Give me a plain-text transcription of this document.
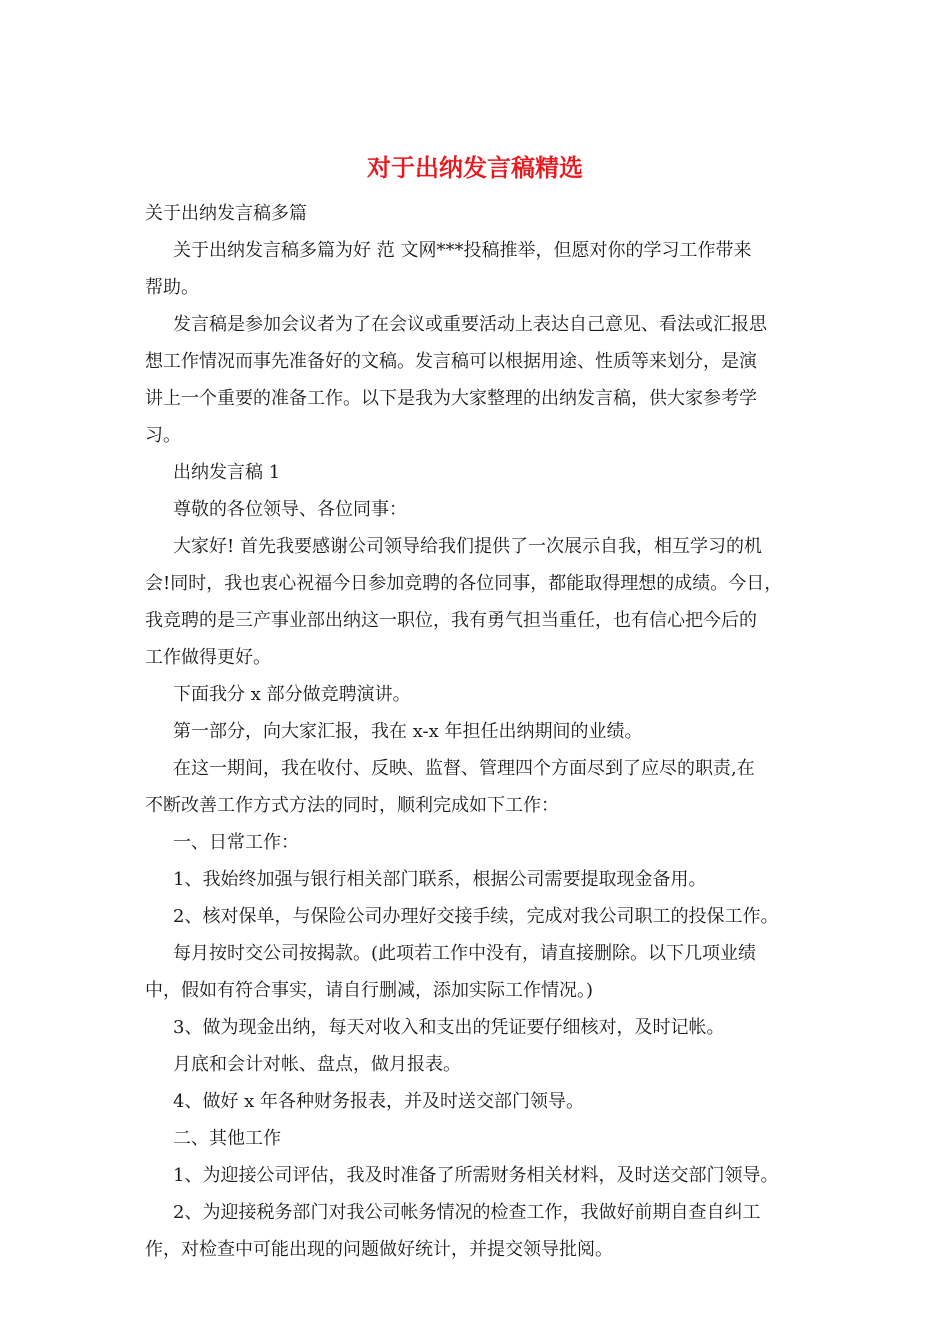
对于出纳发言稿精选
关于出纳发言稿多篇
关于出纳发言稿多篇为好 范 文网***投稿推举，但愿对你的学习工作带来
帮助。
发言稿是参加会议者为了在会议或重要活动上表达自己意见、看法或汇报思
想工作情况而事先准备好的文稿。发言稿可以根据用途、性质等来划分，是演
讲上一个重要的准备工作。以下是我为大家整理的出纳发言稿，供大家参考学
习。
出纳发言稿 1
尊敬的各位领导、各位同事：
大家好! 首先我要感谢公司领导给我们提供了一次展示自我，相互学习的机
会!同时，我也衷心祝福今日参加竞聘的各位同事，都能取得理想的成绩。今日，
我竞聘的是三产事业部出纳这一职位，我有勇气担当重任，也有信心把今后的
工作做得更好。
下面我分 x 部分做竞聘演讲。
第一部分，向大家汇报，我在 x-x 年担任出纳期间的业绩。
在这一期间，我在收付、反映、监督、管理四个方面尽到了应尽的职责,在
不断改善工作方式方法的同时，顺利完成如下工作：
一、日常工作：
1、我始终加强与银行相关部门联系，根据公司需要提取现金备用。
2、核对保单，与保险公司办理好交接手续，完成对我公司职工的投保工作。
每月按时交公司按揭款。(此项若工作中没有，请直接删除。以下几项业绩
中，假如有符合事实，请自行删减，添加实际工作情况。)
3、做为现金出纳，每天对收入和支出的凭证要仔细核对，及时记帐。
月底和会计对帐、盘点，做月报表。
4、做好 x 年各种财务报表，并及时送交部门领导。
二、其他工作
1、为迎接公司评估，我及时准备了所需财务相关材料，及时送交部门领导。
2、为迎接税务部门对我公司帐务情况的检查工作，我做好前期自查自纠工
作，对检查中可能出现的问题做好统计，并提交领导批阅。
